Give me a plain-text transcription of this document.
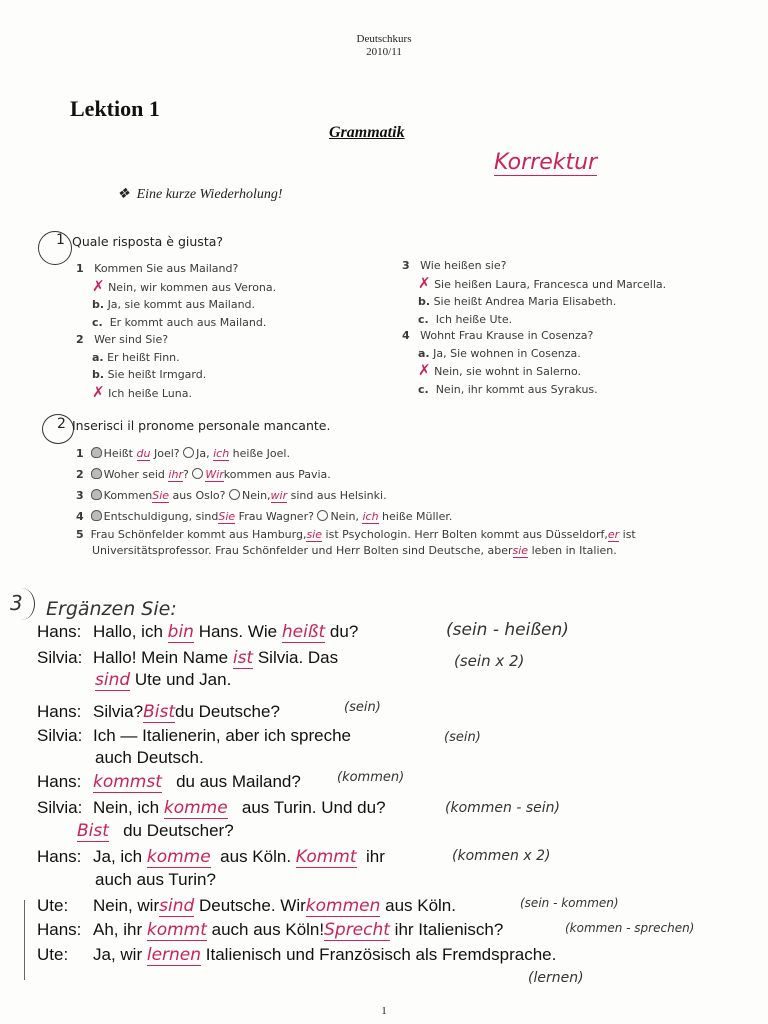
Deutschkurs
2010/11
Lektion 1
Grammatik
Korrektur
❖ Eine kurze Wiederholung!
1 Quale risposta è giusta?
1 Kommen Sie aus Mailand?
✗ Nein, wir kommen aus Verona.
b. Ja, sie kommt aus Mailand.
c. Er kommt auch aus Mailand.
2 Wer sind Sie?
a. Er heißt Finn.
b. Sie heißt Irmgard.
✗ Ich heiße Luna.
3 Wie heißen sie?
✗ Sie heißen Laura, Francesca und Marcella.
b. Sie heißt Andrea Maria Elisabeth.
c. Ich heiße Ute.
4 Wohnt Frau Krause in Cosenza?
a. Ja, Sie wohnen in Cosenza.
✗ Nein, sie wohnt in Salerno.
c. Nein, ihr kommt aus Syrakus.
2 Inserisci il pronome personale mancante.
1 Heißt du Joel? Ja, ich heiße Joel.
2 Woher seid ihr? Wirkommen aus Pavia.
3 KommenSie aus Oslo? Nein,wir sind aus Helsinki.
4 Entschuldigung, sindSie Frau Wagner? Nein, ich heiße Müller.
5 Frau Schönfelder kommt aus Hamburg,sie ist Psychologin. Herr Bolten kommt aus Düsseldorf,er ist
Universitätsprofessor. Frau Schönfelder und Herr Bolten sind Deutsche, abersie leben in Italien.
3 Ergänzen Sie:
Hans: Hallo, ich bin Hans. Wie heißt du?	(sein - heißen)
Silvia: Hallo! Mein Name ist Silvia. Das	(sein x 2)
sind Ute und Jan.
Hans: Silvia?Bistdu Deutsche?	(sein)
Silvia: Ich — Italienerin, aber ich spreche	(sein)
auch Deutsch.
Hans: kommst du aus Mailand?	(kommen)
Silvia: Nein, ich komme aus Turin. Und du?	(kommen - sein)
Bist du Deutscher?
Hans: Ja, ich komme aus Köln. Kommt ihr	(kommen x 2)
auch aus Turin?
Ute: Nein, wirsind Deutsche. Wirkommen aus Köln.	(sein - kommen)
Hans: Ah, ihr kommt auch aus Köln!Sprecht ihr Italienisch?	(kommen - sprechen)
Ute: Ja, wir lernen Italienisch und Französisch als Fremdsprache.
(lernen)
1
